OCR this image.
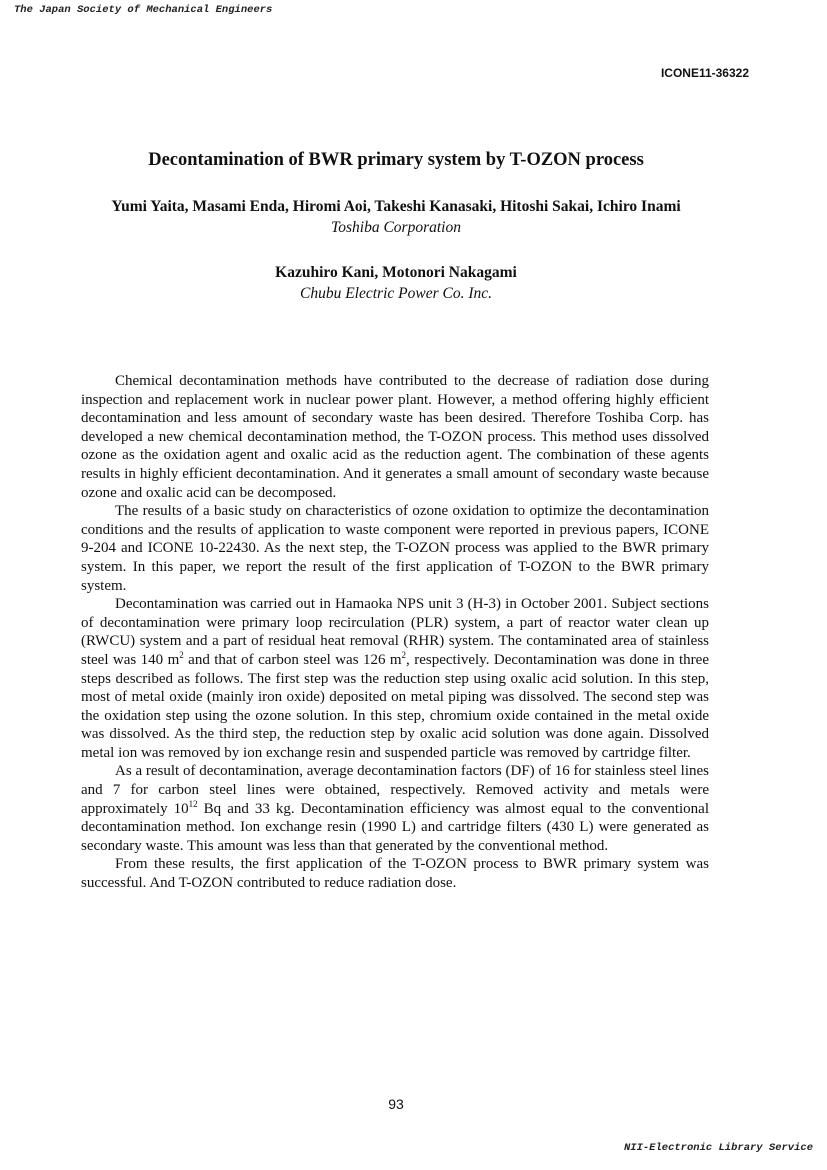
The Japan Society of Mechanical Engineers
ICONE11-36322
Decontamination of BWR primary system by T-OZON process
Yumi Yaita, Masami Enda, Hiromi Aoi, Takeshi Kanasaki, Hitoshi Sakai, Ichiro Inami
Toshiba Corporation
Kazuhiro Kani, Motonori Nakagami
Chubu Electric Power Co. Inc.

Chemical decontamination methods have contributed to the decrease of radiation dose during inspection and replacement work in nuclear power plant. However, a method offering highly efficient decontamination and less amount of secondary waste has been desired. Therefore Toshiba Corp. has developed a new chemical decontamination method, the T-OZON process. This method uses dissolved ozone as the oxidation agent and oxalic acid as the reduction agent. The combination of these agents results in highly efficient decontamination. And it generates a small amount of secondary waste because ozone and oxalic acid can be decomposed.

The results of a basic study on characteristics of ozone oxidation to optimize the decontamination conditions and the results of application to waste component were reported in previous papers, ICONE 9-204 and ICONE 10-22430. As the next step, the T-OZON process was applied to the BWR primary system. In this paper, we report the result of the first application of T-OZON to the BWR primary system.

Decontamination was carried out in Hamaoka NPS unit 3 (H-3) in October 2001. Subject sections of decontamination were primary loop recirculation (PLR) system, a part of reactor water clean up (RWCU) system and a part of residual heat removal (RHR) system. The contaminated area of stainless steel was 140 $m^2$ and that of carbon steel was 126 $m^2$, respectively. Decontamination was done in three steps described as follows. The first step was the reduction step using oxalic acid solution. In this step, most of metal oxide (mainly iron oxide) deposited on metal piping was dissolved. The second step was the oxidation step using the ozone solution. In this step, chromium oxide contained in the metal oxide was dissolved. As the third step, the reduction step by oxalic acid solution was done again. Dissolved metal ion was removed by ion exchange resin and suspended particle was removed by cartridge filter.

As a result of decontamination, average decontamination factors (DF) of 16 for stainless steel lines and 7 for carbon steel lines were obtained, respectively. Removed activity and metals were approximately $10^{12}$ Bq and 33 kg. Decontamination efficiency was almost equal to the conventional decontamination method. Ion exchange resin (1990 L) and cartridge filters (430 L) were generated as secondary waste. This amount was less than that generated by the conventional method.

From these results, the first application of the T-OZON process to BWR primary system was successful. And T-OZON contributed to reduce radiation dose.

93
NII-Electronic Library Service
